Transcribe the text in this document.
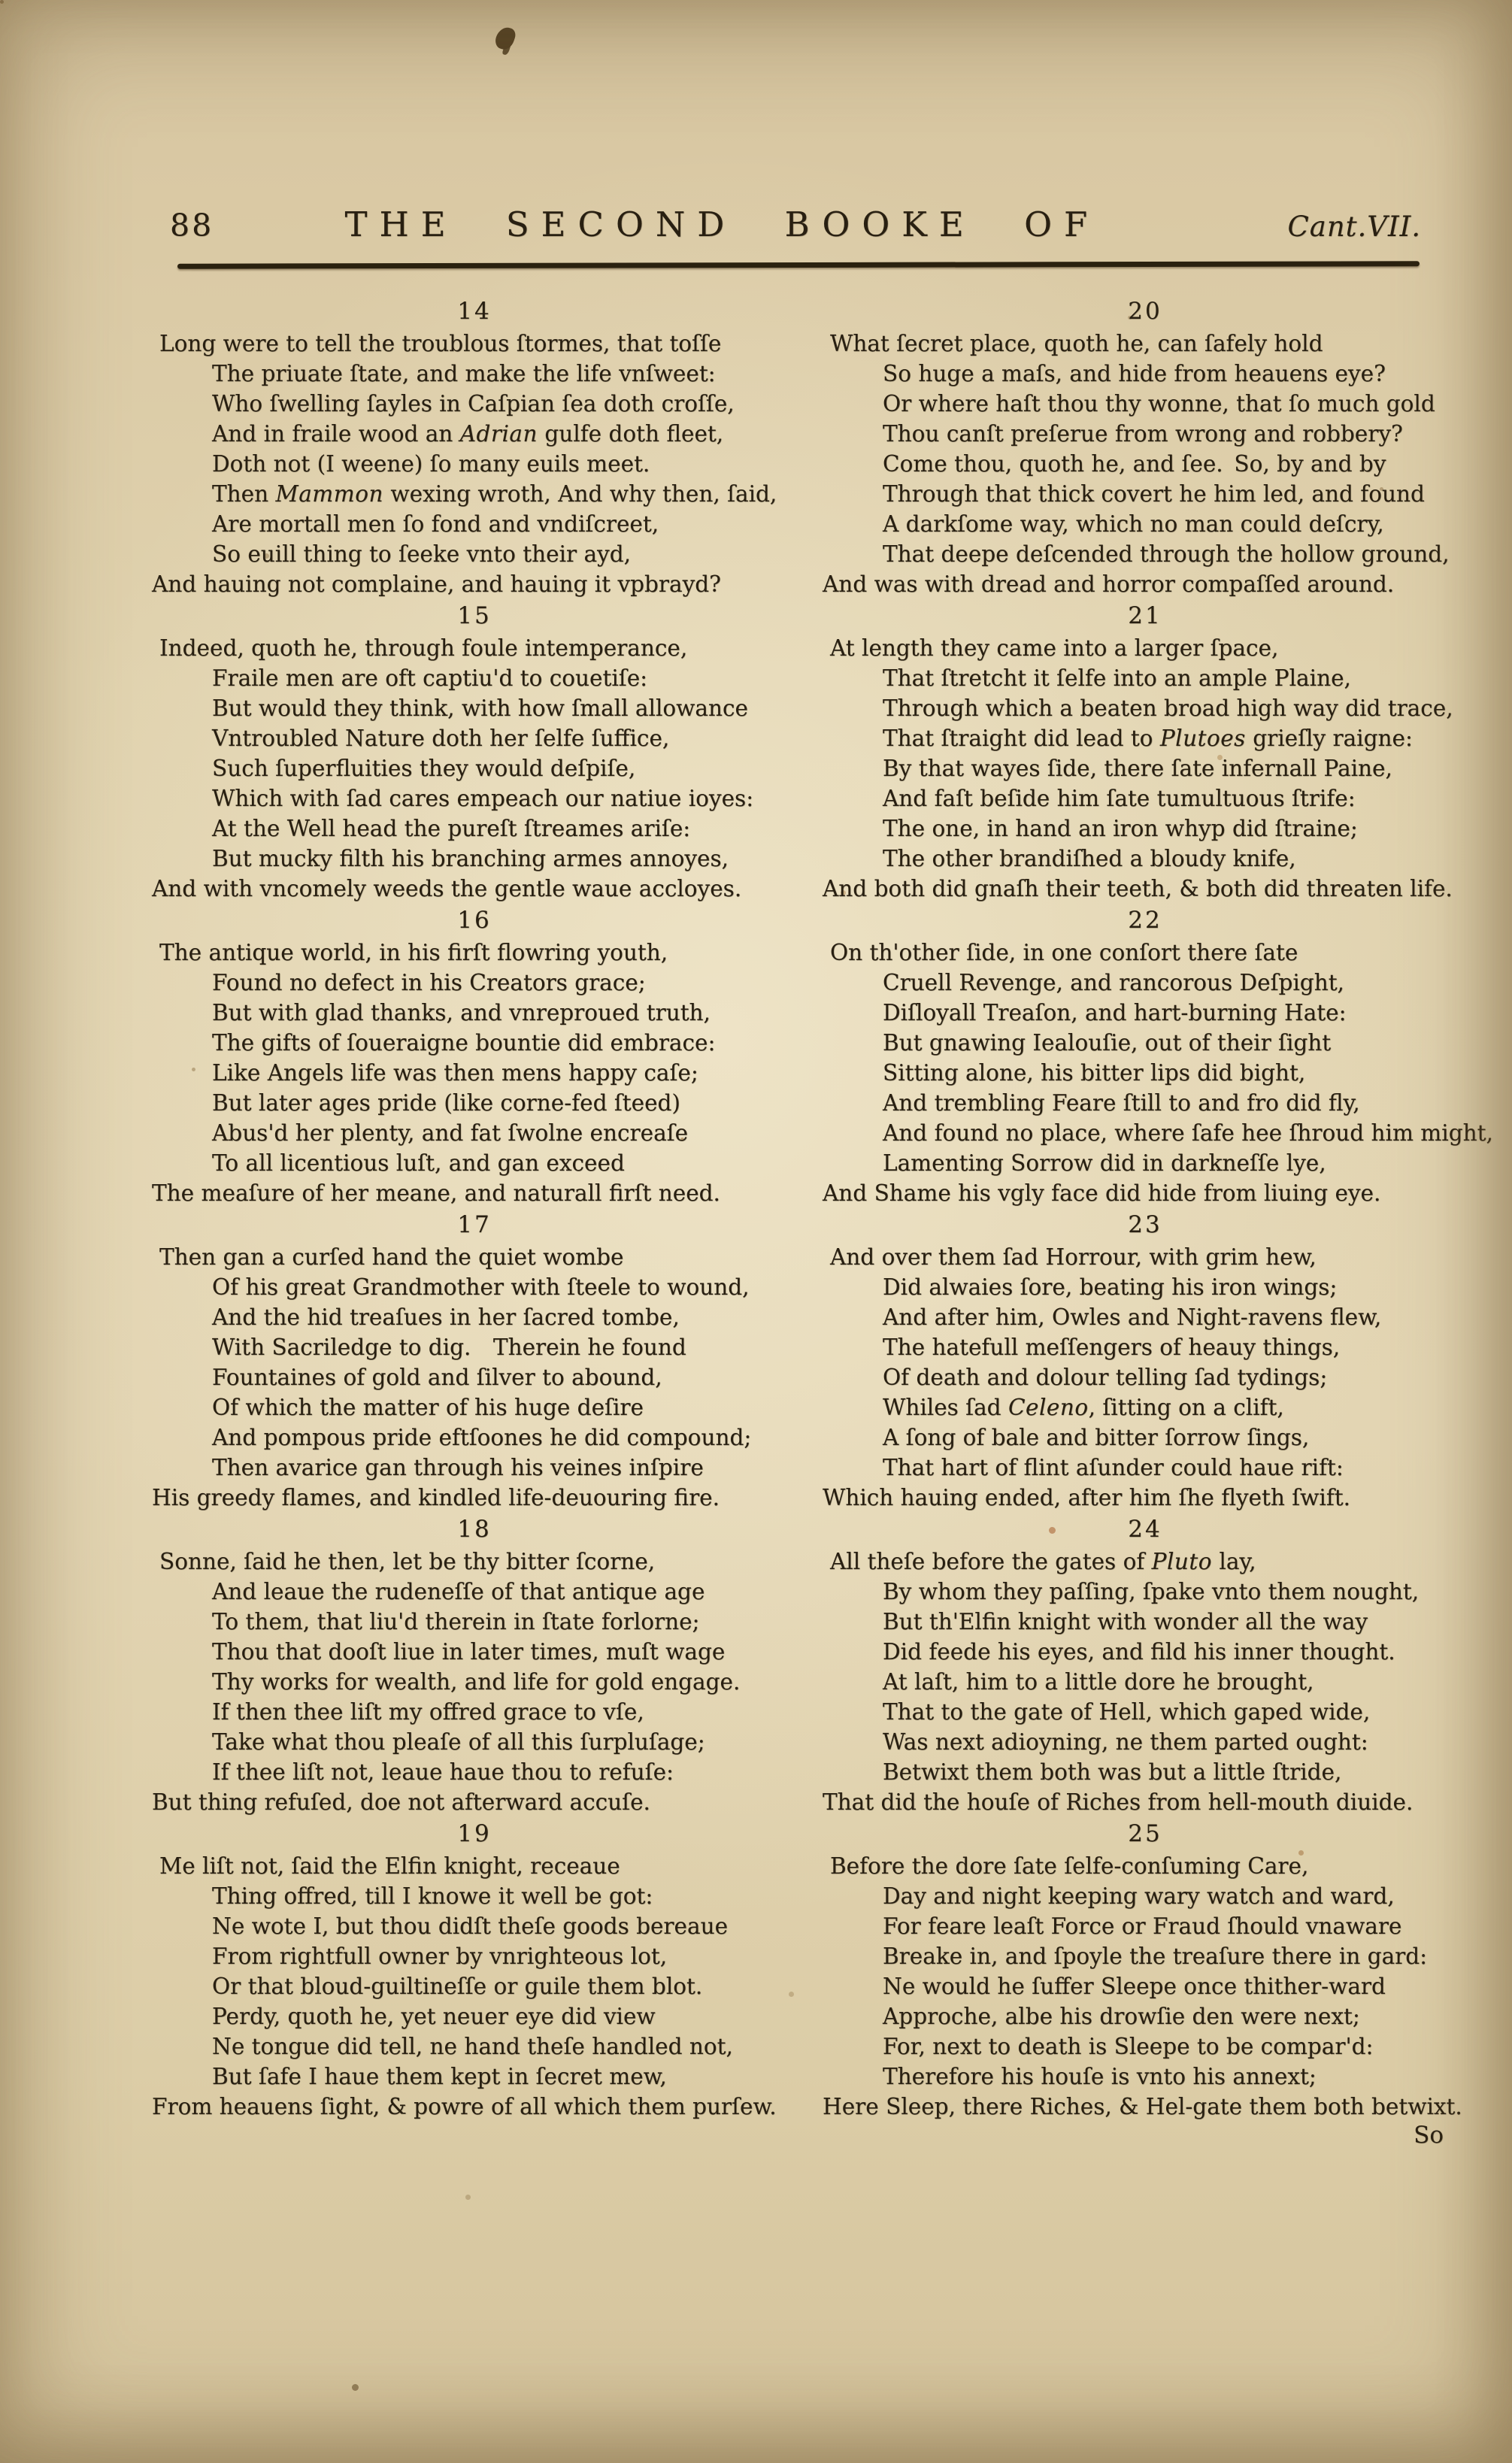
88	THE SECOND BOOKE OF	Cant.VII.
14
Long were to tell the troublous ſtormes, that toſſe
The priuate ſtate, and make the life vnſweet:
Who ſwelling ſayles in Caſpian ſea doth croſſe,
And in fraile wood an Adrian gulfe doth fleet,
Doth not (I weene) ſo many euils meet.
Then Mammon wexing wroth, And why then, ſaid,
Are mortall men ſo fond and vndiſcreet,
So euill thing to ſeeke vnto their ayd,
And hauing not complaine, and hauing it vpbrayd?
15
Indeed, quoth he, through foule intemperance,
Fraile men are oft captiu'd to couetiſe:
But would they think, with how ſmall allowance
Vntroubled Nature doth her ſelfe ſuffice,
Such ſuperfluities they would deſpiſe,
Which with ſad cares empeach our natiue ioyes:
At the Well head the pureſt ſtreames ariſe:
But mucky filth his branching armes annoyes,
And with vncomely weeds the gentle waue accloyes.
16
The antique world, in his firſt flowring youth,
Found no defect in his Creators grace;
But with glad thanks, and vnreproued truth,
The gifts of ſoueraigne bountie did embrace:
Like Angels life was then mens happy caſe;
But later ages pride (like corne-fed ſteed)
Abus'd her plenty, and fat ſwolne encreaſe
To all licentious luſt, and gan exceed
The meaſure of her meane, and naturall firſt need.
17
Then gan a curſed hand the quiet wombe
Of his great Grandmother with ſteele to wound,
And the hid treaſues in her ſacred tombe,
With Sacriledge to dig.  Therein he found
Fountaines of gold and ſilver to abound,
Of which the matter of his huge deſire
And pompous pride eftſoones he did compound;
Then avarice gan through his veines inſpire
His greedy flames, and kindled life-deuouring fire.
18
Sonne, ſaid he then, let be thy bitter ſcorne,
And leaue the rudeneſſe of that antique age
To them, that liu'd therein in ſtate forlorne;
Thou that dooſt liue in later times, muſt wage
Thy works for wealth, and life for gold engage.
If then thee liſt my offred grace to vſe,
Take what thou pleaſe of all this ſurpluſage;
If thee liſt not, leaue haue thou to refuſe:
But thing refuſed, doe not afterward accuſe.
19
Me liſt not, ſaid the Elfin knight, receaue
Thing offred, till I knowe it well be got:
Ne wote I, but thou didſt theſe goods bereaue
From rightfull owner by vnrighteous lot,
Or that bloud-guiltineſſe or guile them blot.
Perdy, quoth he, yet neuer eye did view
Ne tongue did tell, ne hand theſe handled not,
But ſafe I haue them kept in ſecret mew,
From heauens ſight, & powre of all which them purſew.
20
What ſecret place, quoth he, can ſafely hold
So huge a maſs, and hide from heauens eye?
Or where haſt thou thy wonne, that ſo much gold
Thou canſt preſerue from wrong and robbery?
Come thou, quoth he, and ſee. So, by and by
Through that thick covert he him led, and found
A darkſome way, which no man could deſcry,
That deepe deſcended through the hollow ground,
And was with dread and horror compaſſed around.
21
At length they came into a larger ſpace,
That ſtretcht it ſelfe into an ample Plaine,
Through which a beaten broad high way did trace,
That ſtraight did lead to Plutoes grieſly raigne:
By that wayes ſide, there ſate infernall Paine,
And faſt beſide him ſate tumultuous ſtrife:
The one, in hand an iron whyp did ſtraine;
The other brandiſhed a bloudy knife,
And both did gnaſh their teeth, & both did threaten life.
22
On th'other ſide, in one conſort there ſate
Cruell Revenge, and rancorous Deſpight,
Diſloyall Treaſon, and hart-burning Hate:
But gnawing Iealouſie, out of their ſight
Sitting alone, his bitter lips did bight,
And trembling Feare ſtill to and fro did fly,
And found no place, where ſafe hee ſhroud him might,
Lamenting Sorrow did in darkneſſe lye,
And Shame his vgly face did hide from liuing eye.
23
And over them ſad Horrour, with grim hew,
Did alwaies ſore, beating his iron wings;
And after him, Owles and Night-ravens flew,
The hatefull meſſengers of heauy things,
Of death and dolour telling ſad tydings;
Whiles ſad Celeno, ſitting on a clift,
A ſong of bale and bitter ſorrow ſings,
That hart of flint aſunder could haue rift:
Which hauing ended, after him ſhe flyeth ſwift.
24
All theſe before the gates of Pluto lay,
By whom they paſſing, ſpake vnto them nought,
But th'Elfin knight with wonder all the way
Did feede his eyes, and fild his inner thought.
At laſt, him to a little dore he brought,
That to the gate of Hell, which gaped wide,
Was next adioyning, ne them parted ought:
Betwixt them both was but a little ſtride,
That did the houſe of Riches from hell-mouth diuide.
25
Before the dore ſate ſelfe-conſuming Care,
Day and night keeping wary watch and ward,
For feare leaſt Force or Fraud ſhould vnaware
Breake in, and ſpoyle the treaſure there in gard:
Ne would he ſuffer Sleepe once thither-ward
Approche, albe his drowſie den were next;
For, next to death is Sleepe to be compar'd:
Therefore his houſe is vnto his annext;
Here Sleep, there Riches, & Hel-gate them both betwixt.
So
